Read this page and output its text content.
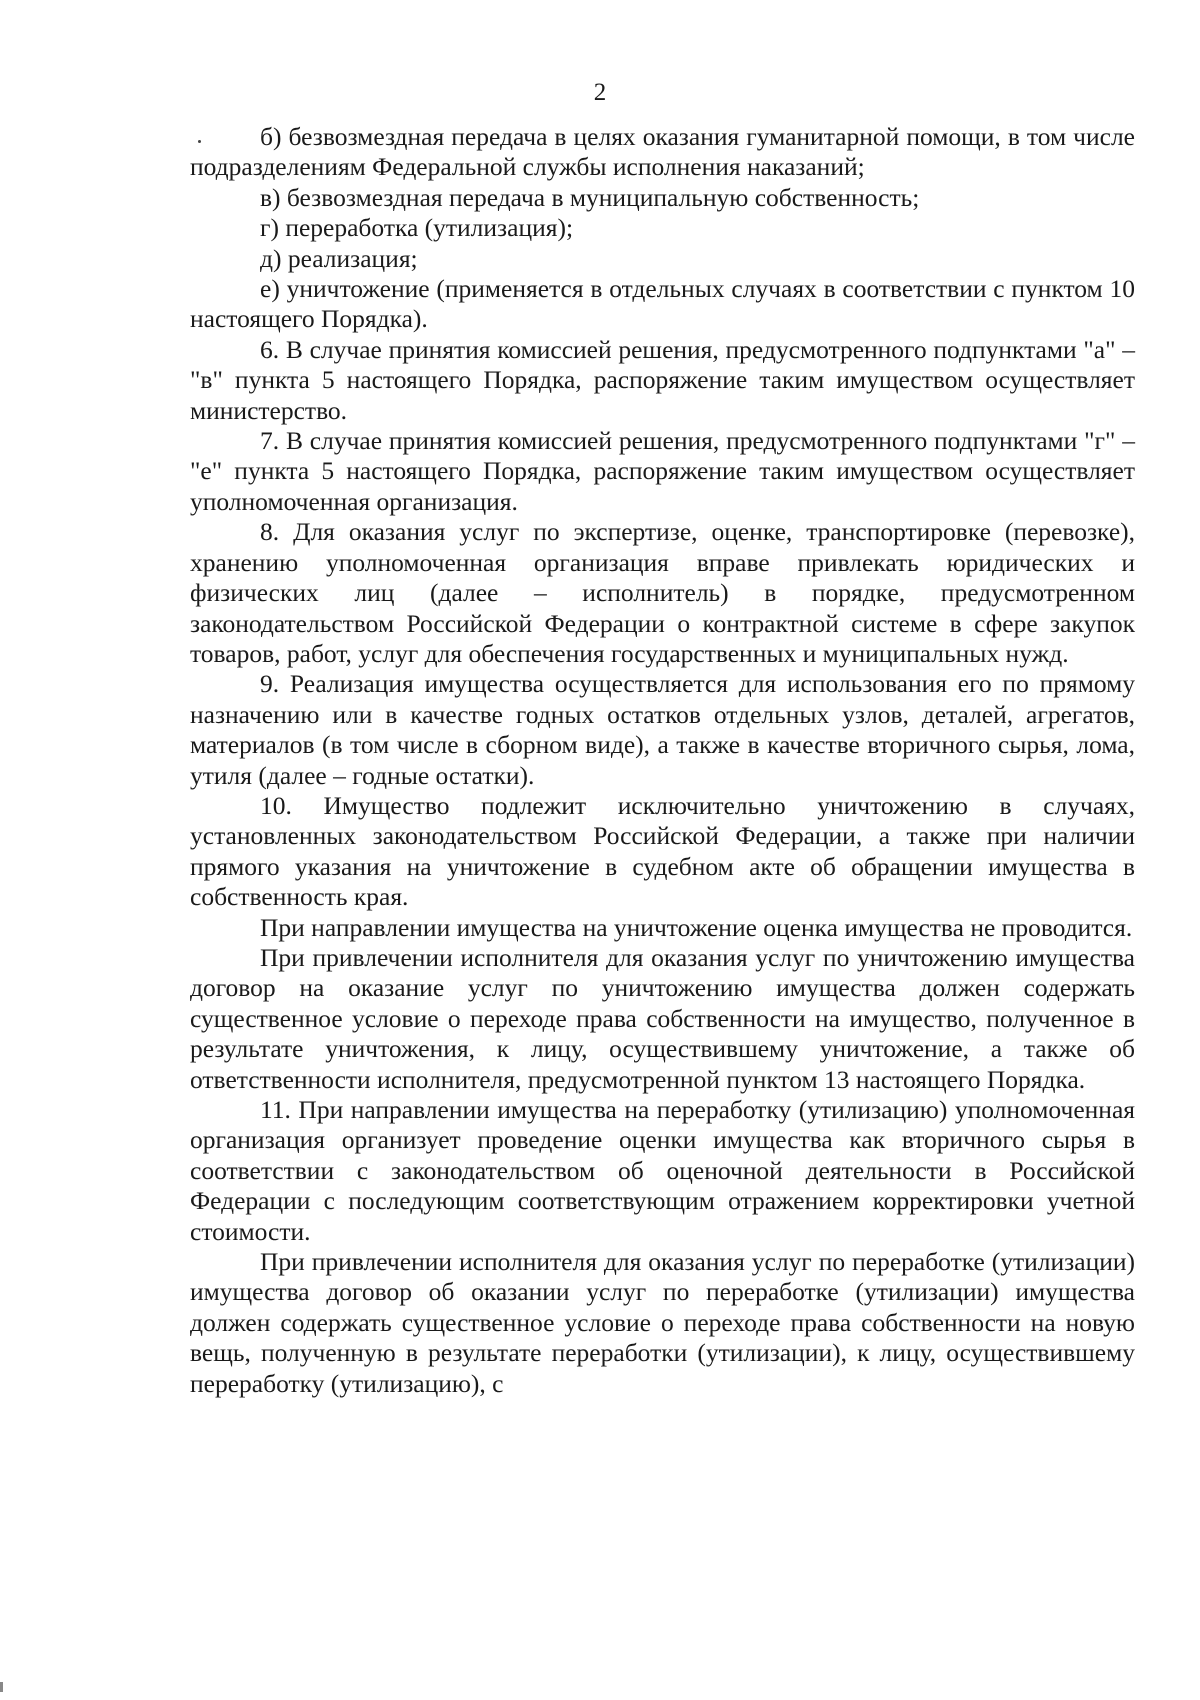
2

б) безвозмездная передача в целях оказания гуманитарной помощи, в том числе подразделениям Федеральной службы исполнения наказаний;

в) безвозмездная передача в муниципальную собственность;

г) переработка (утилизация);

д) реализация;

е) уничтожение (применяется в отдельных случаях в соответствии с пунктом 10 настоящего Порядка).

6. В случае принятия комиссией решения, предусмотренного подпунктами "а" – "в" пункта 5 настоящего Порядка, распоряжение таким имуществом осуществляет министерство.

7. В случае принятия комиссией решения, предусмотренного подпунктами "г" – "е" пункта 5 настоящего Порядка, распоряжение таким имуществом осуществляет уполномоченная организация.

8. Для оказания услуг по экспертизе, оценке, транспортировке (перевозке), хранению уполномоченная организация вправе привлекать юридических и физических лиц (далее – исполнитель) в порядке, предусмотренном законодательством Российской Федерации о контрактной системе в сфере закупок товаров, работ, услуг для обеспечения государственных и муниципальных нужд.

9. Реализация имущества осуществляется для использования его по прямому назначению или в качестве годных остатков отдельных узлов, деталей, агрегатов, материалов (в том числе в сборном виде), а также в качестве вторичного сырья, лома, утиля (далее – годные остатки).

10. Имущество подлежит исключительно уничтожению в случаях, установленных законодательством Российской Федерации, а также при наличии прямого указания на уничтожение в судебном акте об обращении имущества в собственность края.

При направлении имущества на уничтожение оценка имущества не проводится.

При привлечении исполнителя для оказания услуг по уничтожению имущества договор на оказание услуг по уничтожению имущества должен содержать существенное условие о переходе права собственности на имущество, полученное в результате уничтожения, к лицу, осуществившему уничтожение, а также об ответственности исполнителя, предусмотренной пунктом 13 настоящего Порядка.

11. При направлении имущества на переработку (утилизацию) уполномоченная организация организует проведение оценки имущества как вторичного сырья в соответствии с законодательством об оценочной деятельности в Российской Федерации с последующим соответствующим отражением корректировки учетной стоимости.

При привлечении исполнителя для оказания услуг по переработке (утилизации) имущества договор об оказании услуг по переработке (утилизации) имущества должен содержать существенное условие о переходе права собственности на новую вещь, полученную в результате переработки (утилизации), к лицу, осуществившему переработку (утилизацию), с
